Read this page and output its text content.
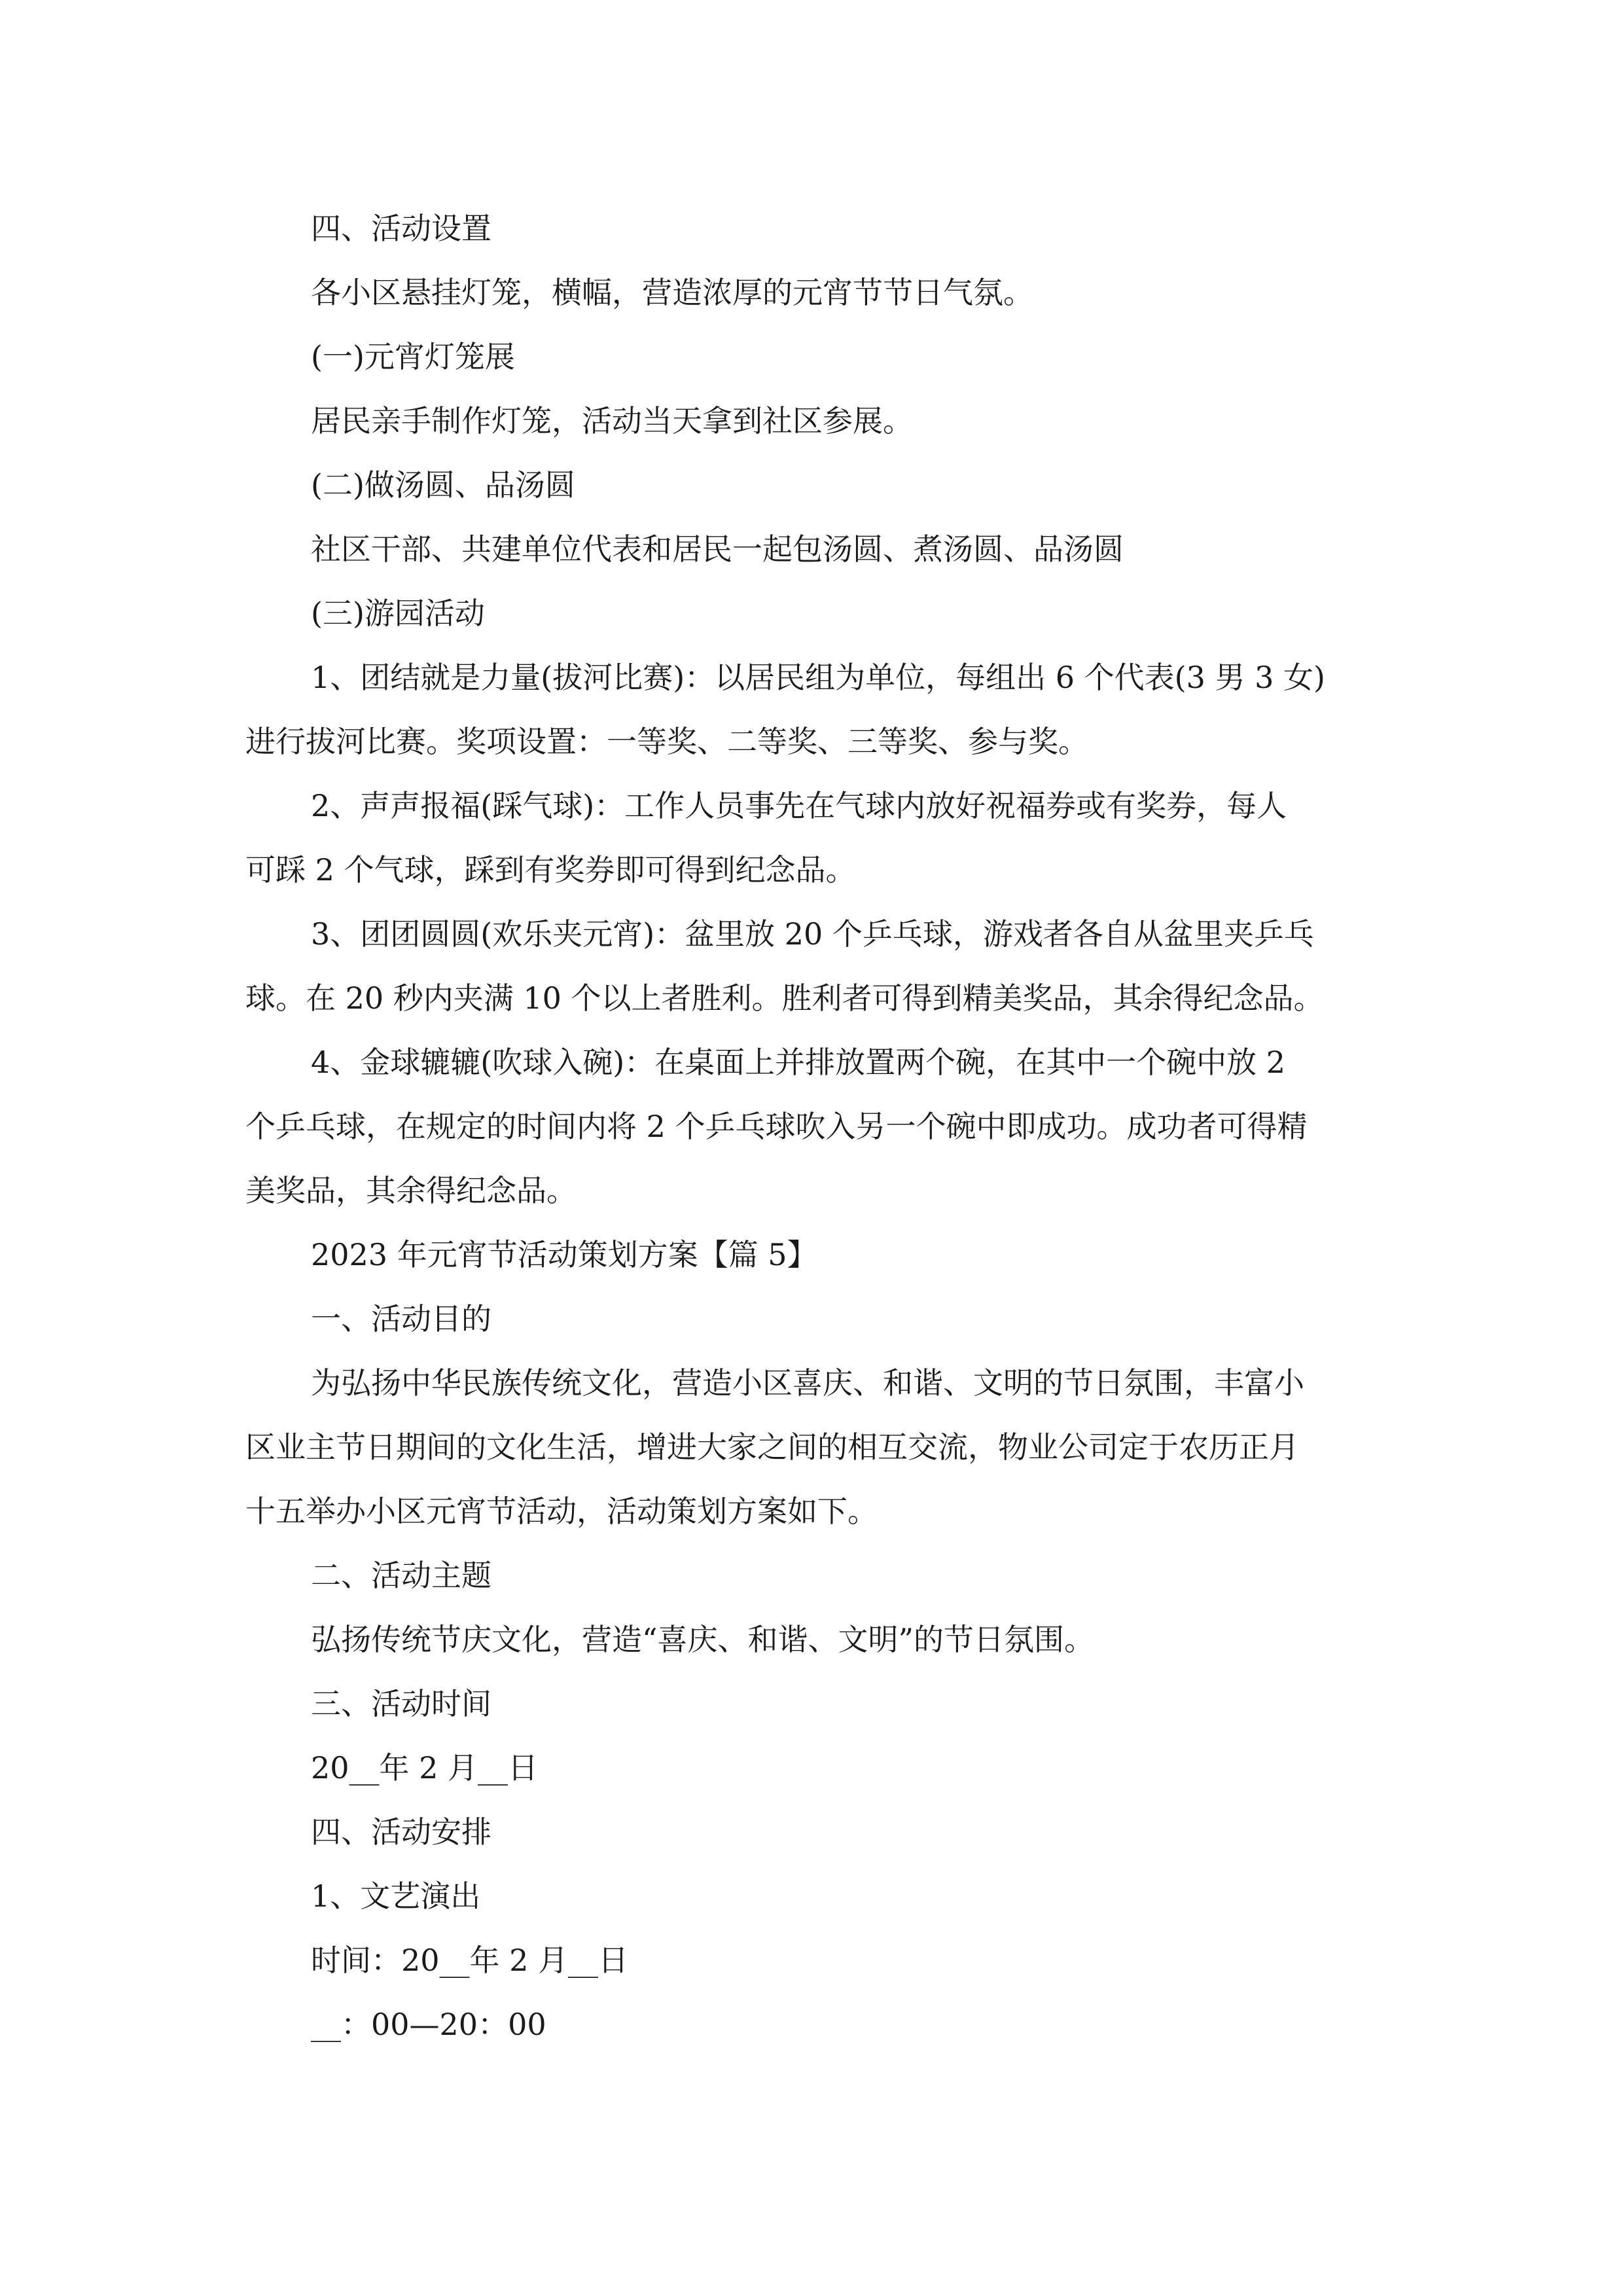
四、活动设置
各小区悬挂灯笼，横幅，营造浓厚的元宵节节日气氛。
(一)元宵灯笼展
居民亲手制作灯笼，活动当天拿到社区参展。
(二)做汤圆、品汤圆
社区干部、共建单位代表和居民一起包汤圆、煮汤圆、品汤圆
(三)游园活动
1、团结就是力量(拔河比赛)：以居民组为单位，每组出 6 个代表(3 男 3 女)
进行拔河比赛。奖项设置：一等奖、二等奖、三等奖、参与奖。
2、声声报福(踩气球)：工作人员事先在气球内放好祝福券或有奖券，每人
可踩 2 个气球，踩到有奖券即可得到纪念品。
3、团团圆圆(欢乐夹元宵)：盆里放 20 个乒乓球，游戏者各自从盆里夹乒乓
球。在 20 秒内夹满 10 个以上者胜利。胜利者可得到精美奖品，其余得纪念品。
4、金球辘辘(吹球入碗)：在桌面上并排放置两个碗，在其中一个碗中放 2
个乒乓球，在规定的时间内将 2 个乒乓球吹入另一个碗中即成功。成功者可得精
美奖品，其余得纪念品。
2023 年元宵节活动策划方案【篇 5】
一、活动目的
为弘扬中华民族传统文化，营造小区喜庆、和谐、文明的节日氛围，丰富小
区业主节日期间的文化生活，增进大家之间的相互交流，物业公司定于农历正月
十五举办小区元宵节活动，活动策划方案如下。
二、活动主题
弘扬传统节庆文化，营造“喜庆、和谐、文明”的节日氛围。
三、活动时间
20__年 2 月__日
四、活动安排
1、文艺演出
时间：20__年 2 月__日
__：00—20：00
